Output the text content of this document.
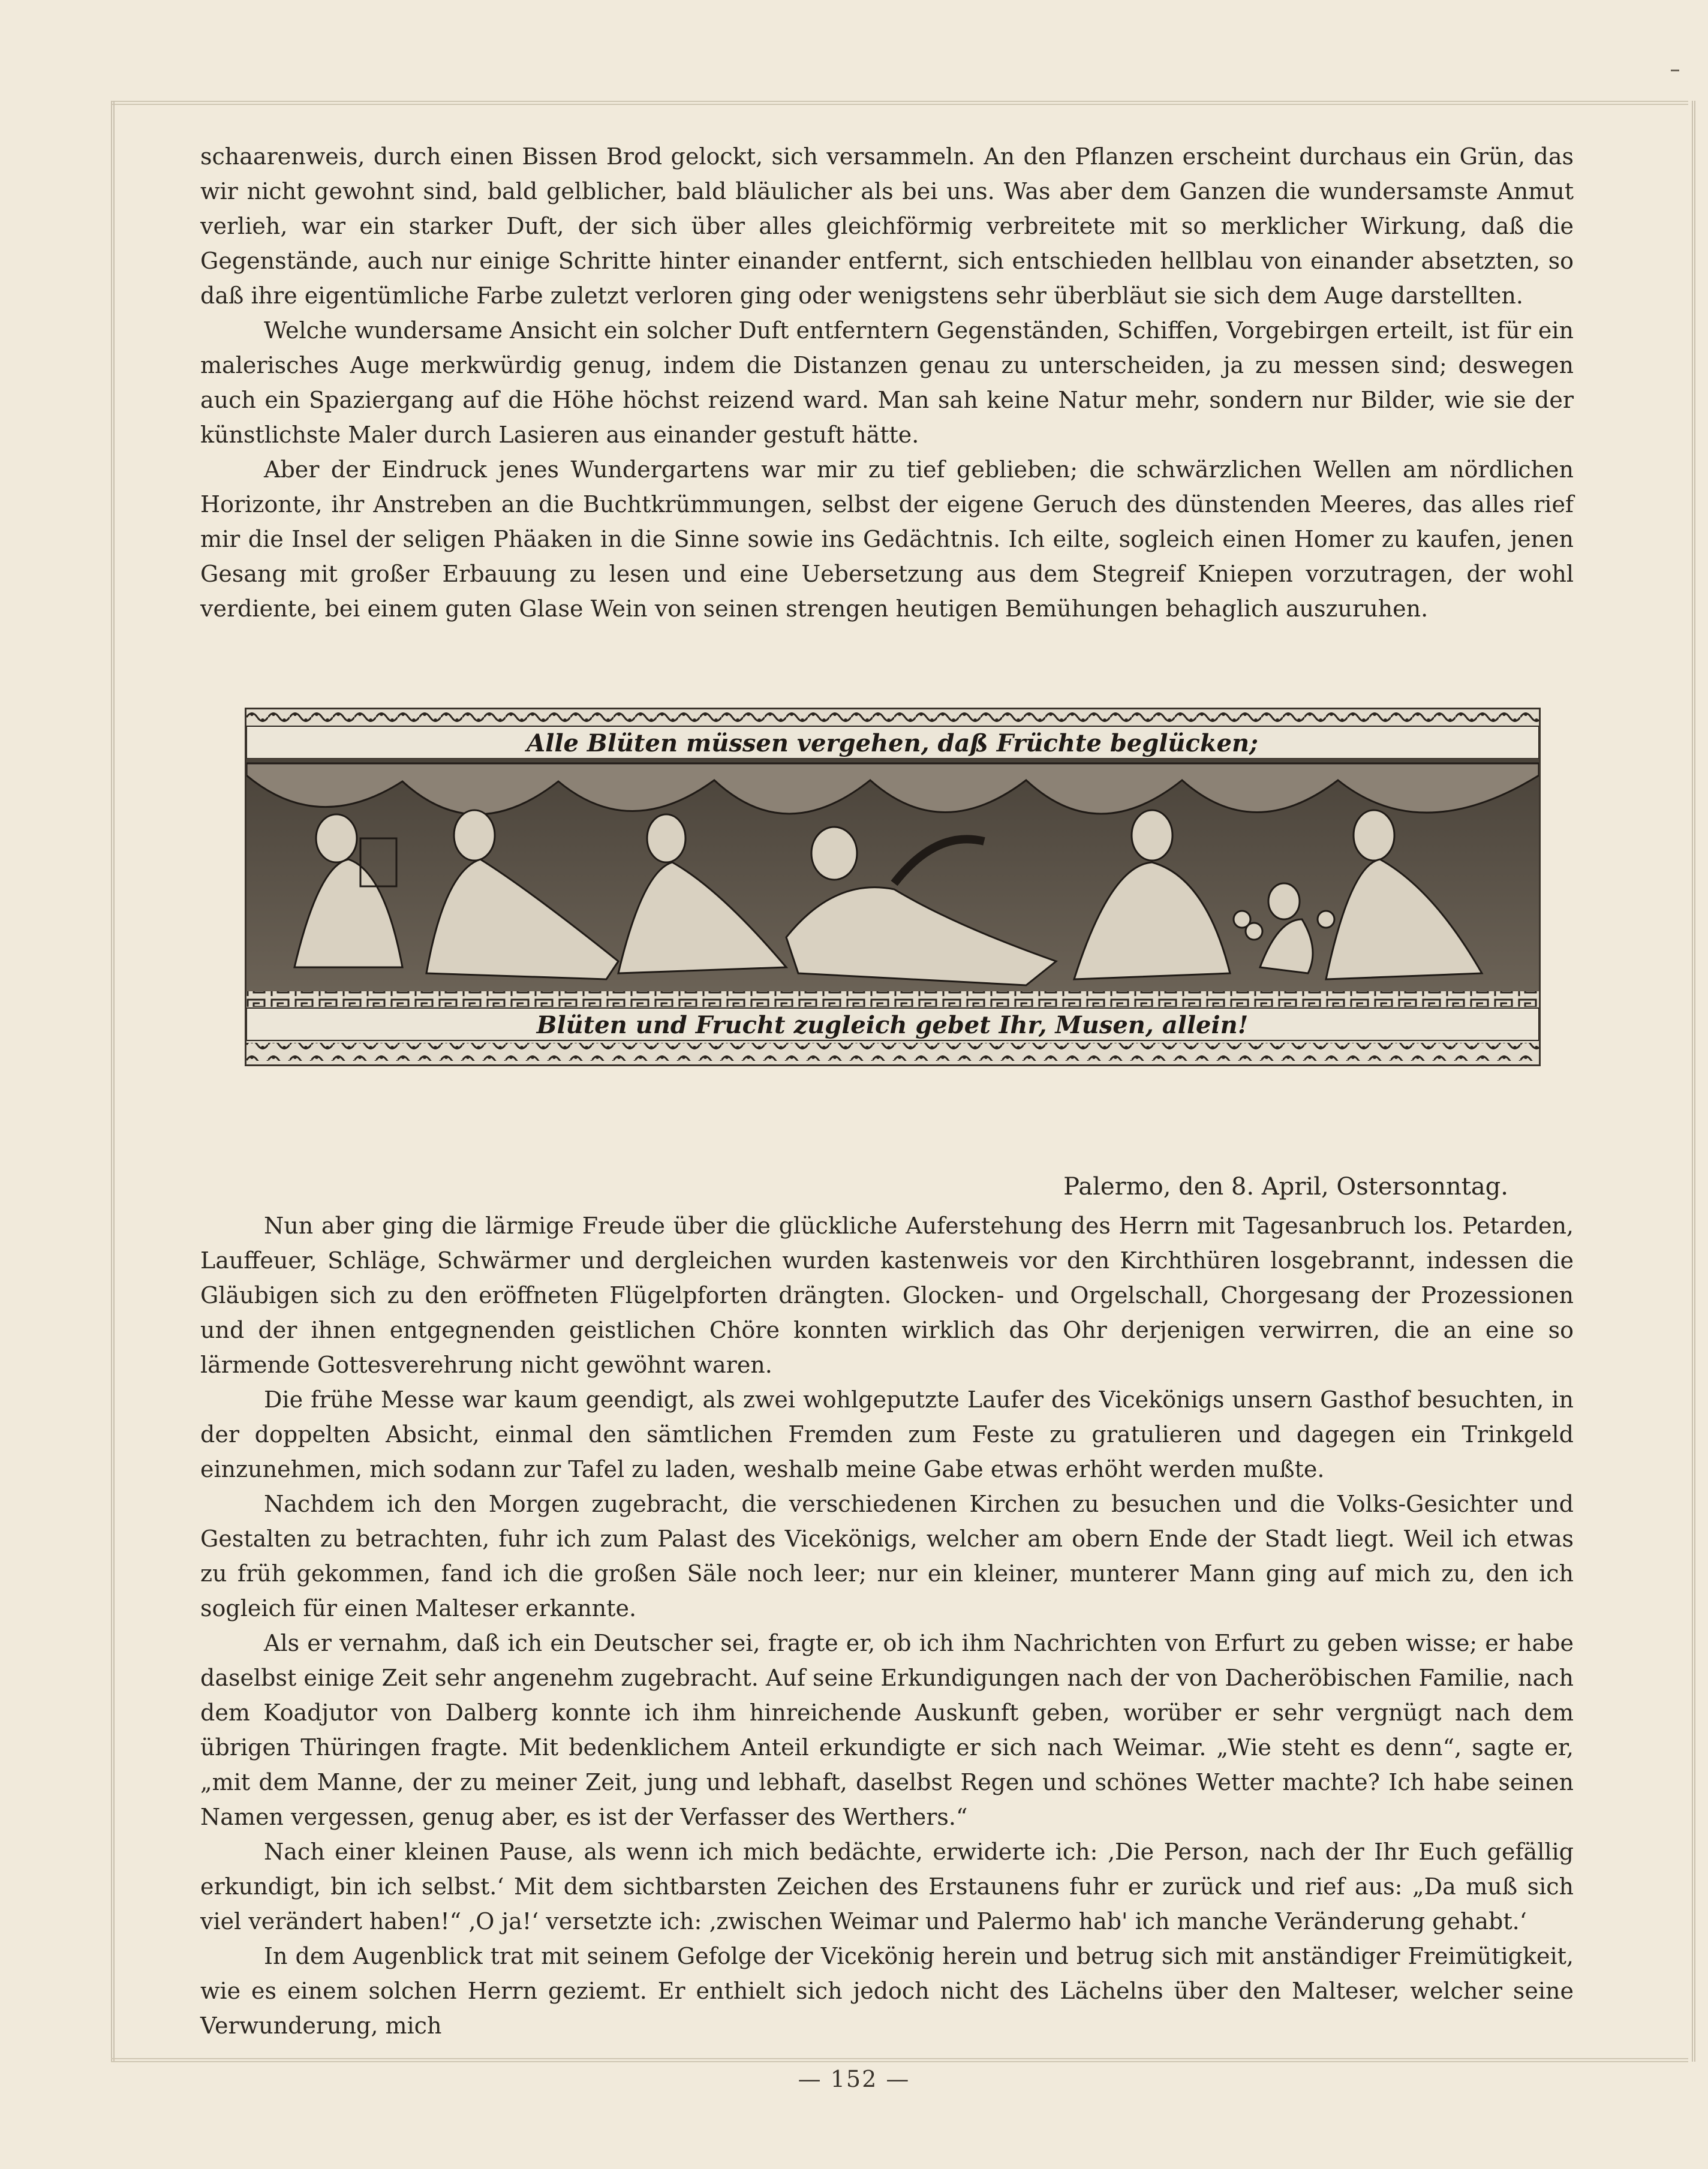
schaarenweis, durch einen Bissen Brod gelockt, sich versammeln. An den Pflanzen erscheint durchaus ein Grün, das wir nicht gewohnt sind, bald gelblicher, bald bläulicher als bei uns. Was aber dem Ganzen die wundersamste Anmut verlieh, war ein starker Duft, der sich über alles gleichförmig verbreitete mit so merklicher Wirkung, daß die Gegenstände, auch nur einige Schritte hinter einander entfernt, sich entschieden hellblau von einander absetzten, so daß ihre eigentümliche Farbe zuletzt verloren ging oder wenigstens sehr überbläut sie sich dem Auge darstellten.

Welche wundersame Ansicht ein solcher Duft entferntern Gegenständen, Schiffen, Vorgebirgen erteilt, ist für ein malerisches Auge merkwürdig genug, indem die Distanzen genau zu unterscheiden, ja zu messen sind; deswegen auch ein Spaziergang auf die Höhe höchst reizend ward. Man sah keine Natur mehr, sondern nur Bilder, wie sie der künstlichste Maler durch Lasieren aus einander gestuft hätte.

Aber der Eindruck jenes Wundergartens war mir zu tief geblieben; die schwärzlichen Wellen am nördlichen Horizonte, ihr Anstreben an die Buchtkrümmungen, selbst der eigene Geruch des dünstenden Meeres, das alles rief mir die Insel der seligen Phäaken in die Sinne sowie ins Gedächtnis. Ich eilte, sogleich einen Homer zu kaufen, jenen Gesang mit großer Erbauung zu lesen und eine Uebersetzung aus dem Stegreif Kniepen vorzutragen, der wohl verdiente, bei einem guten Glase Wein von seinen strengen heutigen Bemühungen behaglich auszuruhen.

Alle Blüten müssen vergehen, daß Früchte beglücken;
Blüten und Frucht zugleich gebet Ihr, Musen, allein!
Palermo, den 8. April, Ostersonntag.

Nun aber ging die lärmige Freude über die glückliche Auferstehung des Herrn mit Tagesanbruch los. Petarden, Lauffeuer, Schläge, Schwärmer und dergleichen wurden kastenweis vor den Kirchthüren losgebrannt, indessen die Gläubigen sich zu den eröffneten Flügelpforten drängten. Glocken- und Orgelschall, Chorgesang der Prozessionen und der ihnen entgegnenden geistlichen Chöre konnten wirklich das Ohr derjenigen verwirren, die an eine so lärmende Gottesverehrung nicht gewöhnt waren.

Die frühe Messe war kaum geendigt, als zwei wohlgeputzte Laufer des Vicekönigs unsern Gasthof besuchten, in der doppelten Absicht, einmal den sämtlichen Fremden zum Feste zu gratulieren und dagegen ein Trinkgeld einzunehmen, mich sodann zur Tafel zu laden, weshalb meine Gabe etwas erhöht werden mußte.

Nachdem ich den Morgen zugebracht, die verschiedenen Kirchen zu besuchen und die Volks-Gesichter und Gestalten zu betrachten, fuhr ich zum Palast des Vicekönigs, welcher am obern Ende der Stadt liegt. Weil ich etwas zu früh gekommen, fand ich die großen Säle noch leer; nur ein kleiner, munterer Mann ging auf mich zu, den ich sogleich für einen Malteser erkannte.

Als er vernahm, daß ich ein Deutscher sei, fragte er, ob ich ihm Nachrichten von Erfurt zu geben wisse; er habe daselbst einige Zeit sehr angenehm zugebracht. Auf seine Erkundigungen nach der von Dacheröbischen Familie, nach dem Koadjutor von Dalberg konnte ich ihm hinreichende Auskunft geben, worüber er sehr vergnügt nach dem übrigen Thüringen fragte. Mit bedenklichem Anteil erkundigte er sich nach Weimar. „Wie steht es denn“, sagte er, „mit dem Manne, der zu meiner Zeit, jung und lebhaft, daselbst Regen und schönes Wetter machte? Ich habe seinen Namen vergessen, genug aber, es ist der Verfasser des Werthers.“

Nach einer kleinen Pause, als wenn ich mich bedächte, erwiderte ich: ‚Die Person, nach der Ihr Euch gefällig erkundigt, bin ich selbst.‘ Mit dem sichtbarsten Zeichen des Erstaunens fuhr er zurück und rief aus: „Da muß sich viel verändert haben!“ ‚O ja!‘ versetzte ich: ‚zwischen Weimar und Palermo hab' ich manche Veränderung gehabt.‘

In dem Augenblick trat mit seinem Gefolge der Vicekönig herein und betrug sich mit anständiger Freimütigkeit, wie es einem solchen Herrn geziemt. Er enthielt sich jedoch nicht des Lächelns über den Malteser, welcher seine Verwunderung, mich

— 152 —
